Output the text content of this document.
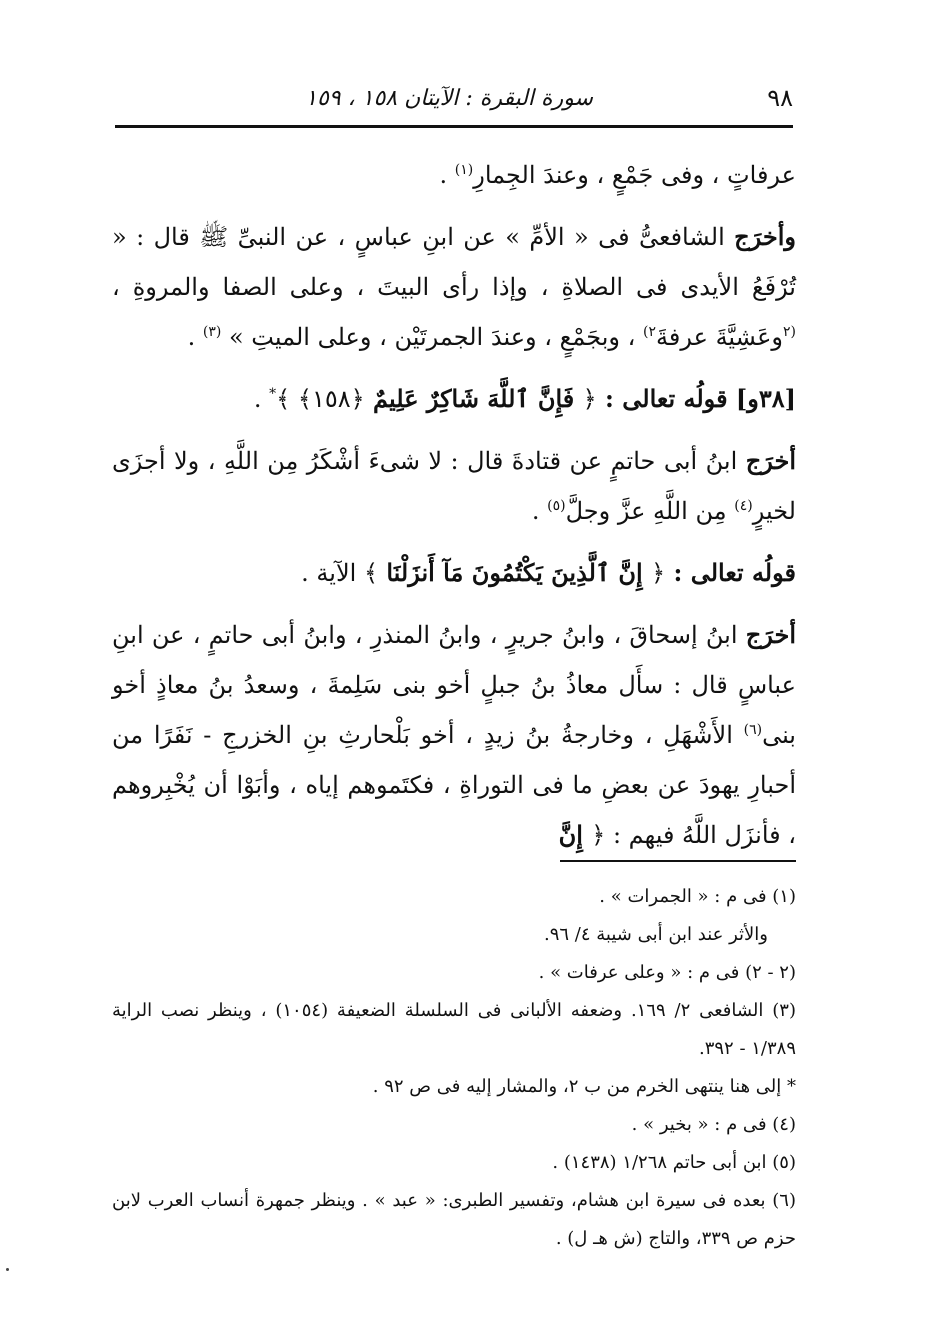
٩٨
سورة البقرة : الآيتان ١٥٨ ، ١٥٩

عرفاتٍ ، وفى جَمْعٍ ، وعندَ الجِمارِ$^{(١)}$ .

وأخرَج الشافعىُّ فى « الأمِّ » عن ابنِ عباسٍ ، عن النبىِّ ﷺ قال : « تُرْفَعُ الأيدى فى الصلاةِ ، وإذا رأى البيتَ ، وعلى الصفا والمروةِ ، $^{(٢}$وعَشِيَّةَ عرفةَ$^{٢)}$ ، وبجَمْعٍ ، وعندَ الجمرتَيْن ، وعلى الميتِ » $^{(٣)}$ .

[٣٨و] قولُه تعالى : ﴿ فَإِنَّ ٱللَّهَ شَاكِرٌ عَلِيمٌ ﴿١٥٨﴾ ﴾* .

أخرَج ابنُ أبى حاتمٍ عن قتادةَ قال : لا شىءَ أشْكَرُ مِن اللَّهِ ، ولا أجزَى لخيرٍ$^{(٤)}$ مِن اللَّهِ عزَّ وجلَّ$^{(٥)}$ .

قولُه تعالى : ﴿ إِنَّ ٱلَّذِينَ يَكْتُمُونَ مَآ أَنزَلْنَا ﴾ الآية .

أخرَج ابنُ إسحاقَ ، وابنُ جريرٍ ، وابنُ المنذرِ ، وابنُ أبى حاتمٍ ، عن ابنِ عباسٍ قال : سأَل معاذُ بنُ جبلٍ أخو بنى سَلِمةَ ، وسعدُ بنُ معاذٍ أخو بنى$^{(٦)}$ الأَشْهَلِ ، وخارجةُ بنُ زيدٍ ، أخو بَلْحارثِ بنِ الخزرجِ - نَفَرًا من أحبارِ يهودَ عن بعضِ ما فى التوراةِ ، فكتَموهم إياه ، وأبَوْا أن يُخْبِروهم ، فأنزَل اللَّهُ فيهم : ﴿ إِنَّ

(١) فى م : « الجمرات » .

والأثر عند ابن أبى شيبة ٤/ ٩٦.

(٢ - ٢) فى م : « وعلى عرفات » .

(٣) الشافعى ٢/ ١٦٩. وضعفه الألبانى فى السلسلة الضعيفة (١٠٥٤) ، وينظر نصب الراية ١/٣٨٩ - ٣٩٢.

* إلى هنا ينتهى الخرم من ب ٢، والمشار إليه فى ص ٩٢ .

(٤) فى م : « بخير » .

(٥) ابن أبى حاتم ١/٢٦٨ (١٤٣٨) .

(٦) بعده فى سيرة ابن هشام، وتفسير الطبرى: « عبد » . وينظر جمهرة أنساب العرب لابن حزم ص ٣٣٩، والتاج (ش هـ ل) .
